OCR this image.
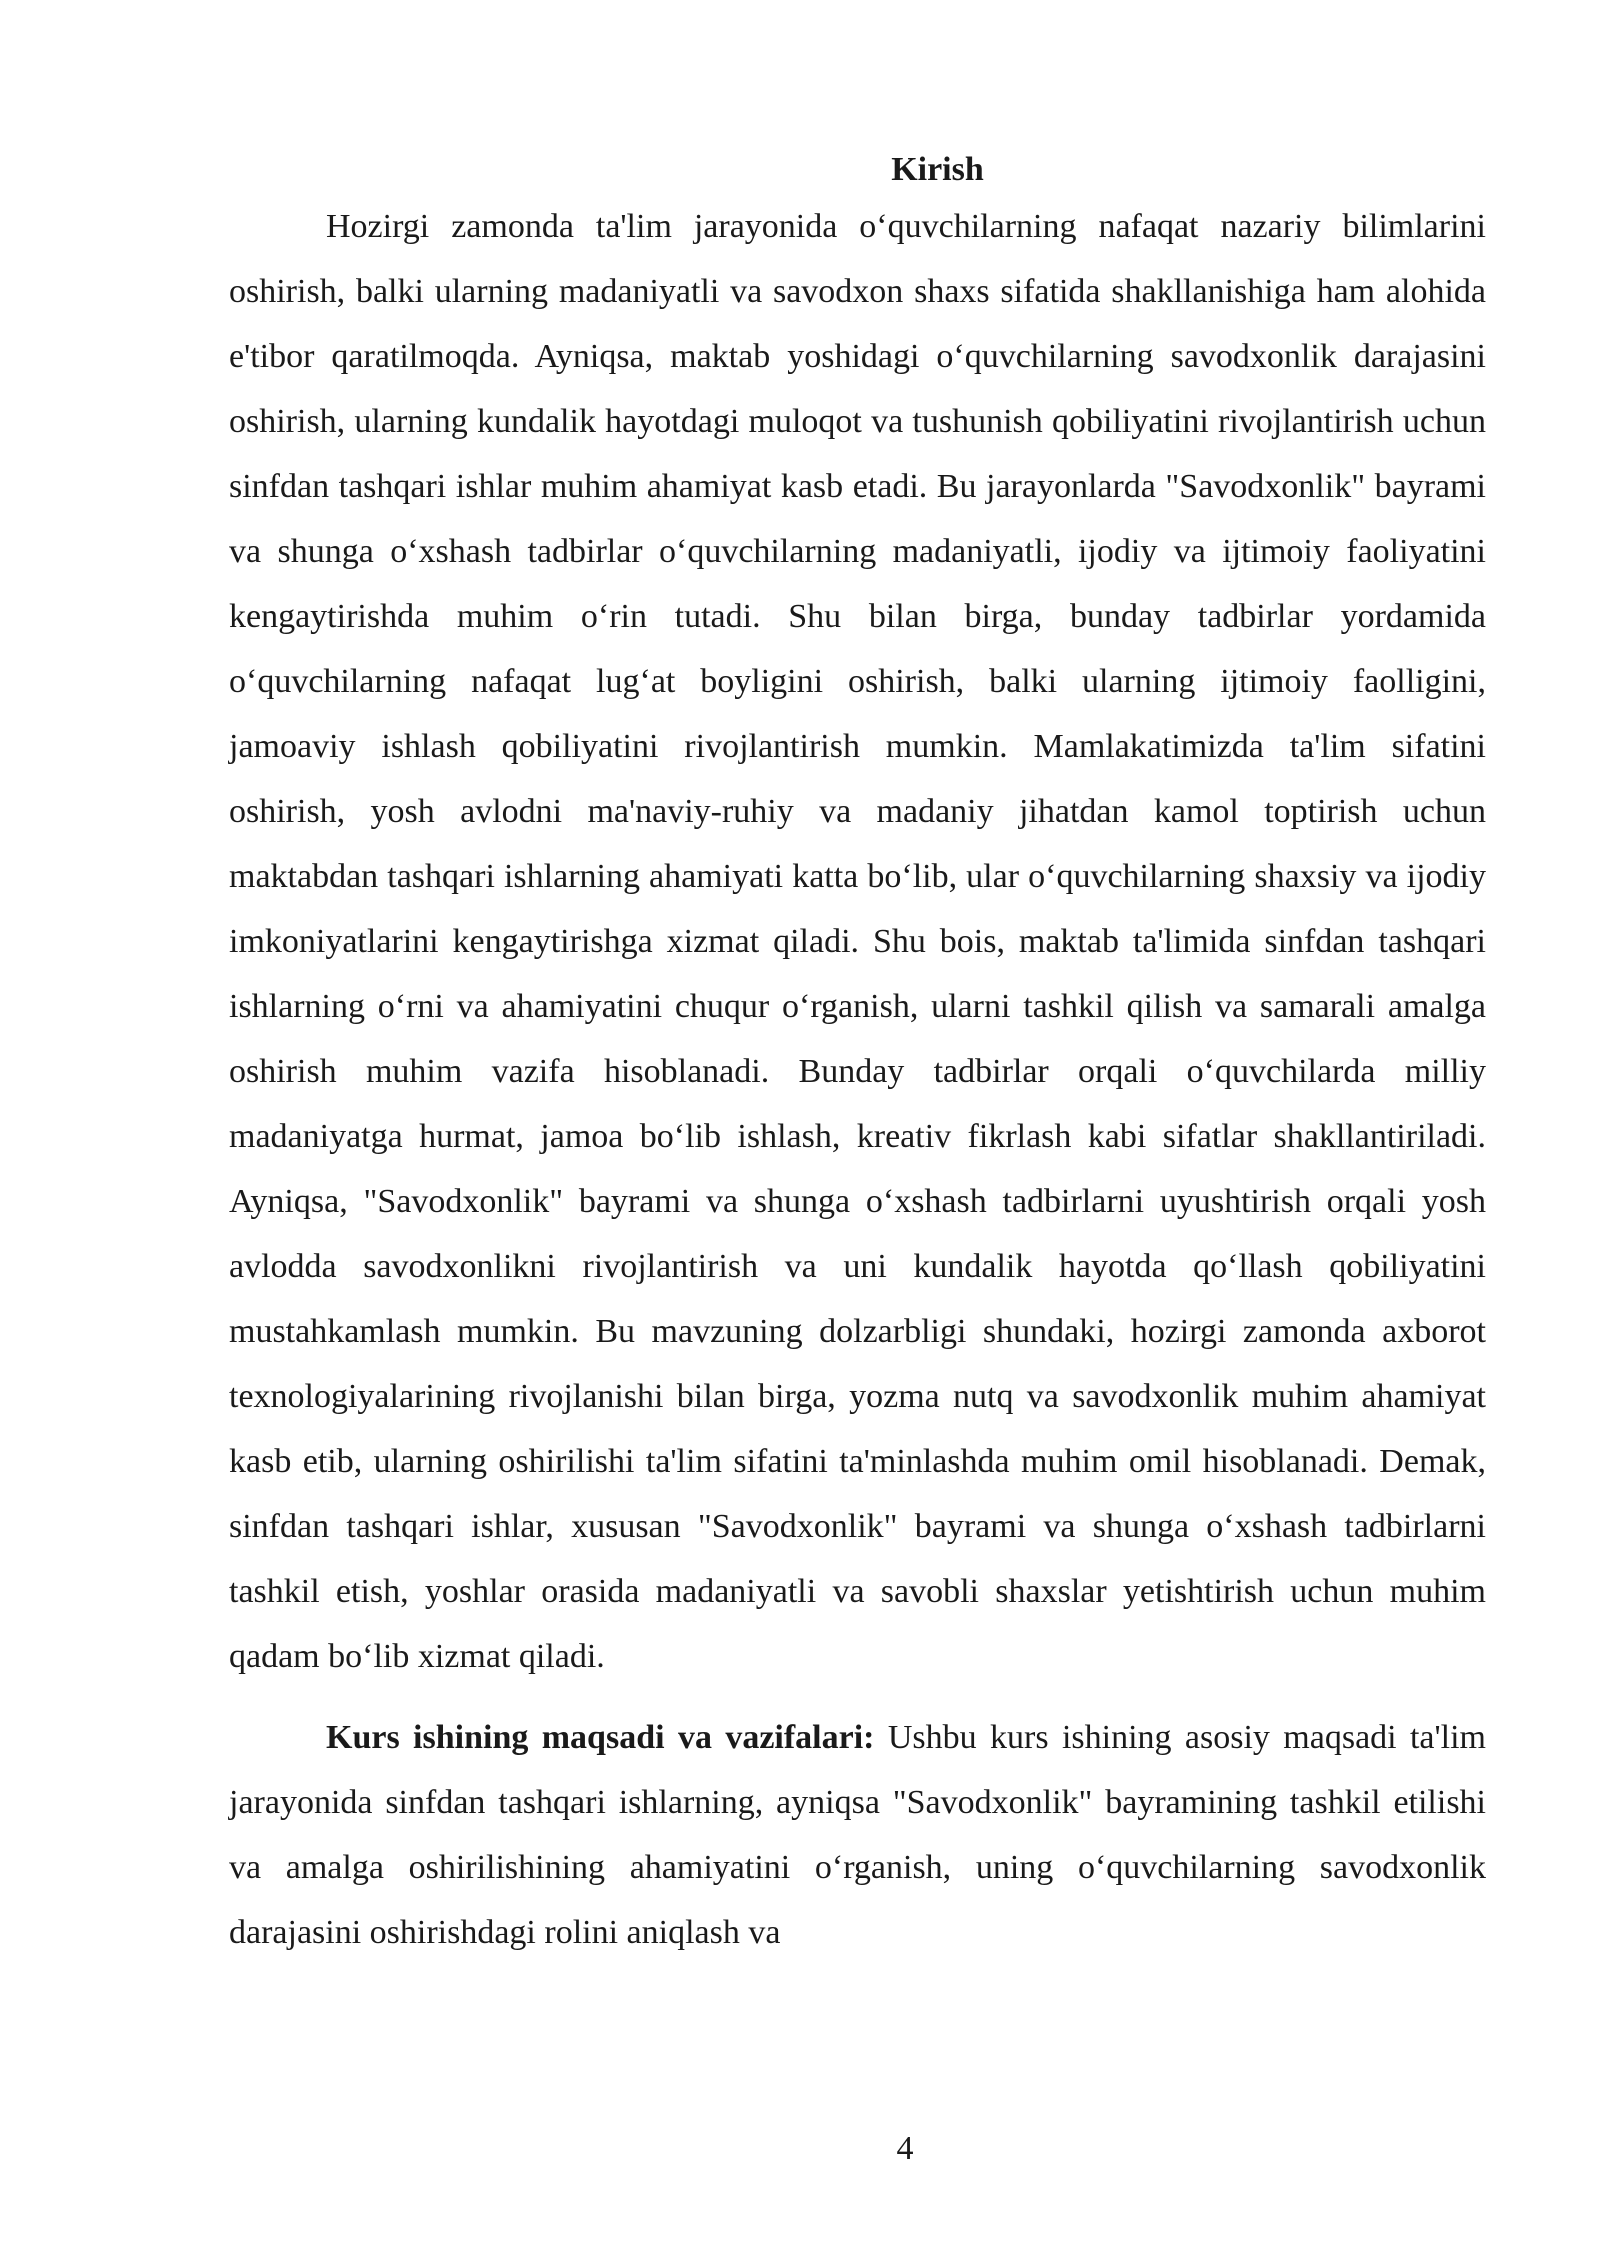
Kirish

Hozirgi zamonda ta'lim jarayonida o‘quvchilarning nafaqat nazariy bilimlarini oshirish, balki ularning madaniyatli va savodxon shaxs sifatida shakllanishiga ham alohida e'tibor qaratilmoqda. Ayniqsa, maktab yoshidagi o‘quvchilarning savodxonlik darajasini oshirish, ularning kundalik hayotdagi muloqot va tushunish qobiliyatini rivojlantirish uchun sinfdan tashqari ishlar muhim ahamiyat kasb etadi. Bu jarayonlarda "Savodxonlik" bayrami va shunga o‘xshash tadbirlar o‘quvchilarning madaniyatli, ijodiy va ijtimoiy faoliyatini kengaytirishda muhim o‘rin tutadi. Shu bilan birga, bunday tadbirlar yordamida o‘quvchilarning nafaqat lug‘at boyligini oshirish, balki ularning ijtimoiy faolligini, jamoaviy ishlash qobiliyatini rivojlantirish mumkin. Mamlakatimizda ta'lim sifatini oshirish, yosh avlodni ma'naviy-ruhiy va madaniy jihatdan kamol toptirish uchun maktabdan tashqari ishlarning ahamiyati katta bo‘lib, ular o‘quvchilarning shaxsiy va ijodiy imkoniyatlarini kengaytirishga xizmat qiladi. Shu bois, maktab ta'limida sinfdan tashqari ishlarning o‘rni va ahamiyatini chuqur o‘rganish, ularni tashkil qilish va samarali amalga oshirish muhim vazifa hisoblanadi. Bunday tadbirlar orqali o‘quvchilarda milliy madaniyatga hurmat, jamoa bo‘lib ishlash, kreativ fikrlash kabi sifatlar shakllantiriladi. Ayniqsa, "Savodxonlik" bayrami va shunga o‘xshash tadbirlarni uyushtirish orqali yosh avlodda savodxonlikni rivojlantirish va uni kundalik hayotda qo‘llash qobiliyatini mustahkamlash mumkin. Bu mavzuning dolzarbligi shundaki, hozirgi zamonda axborot texnologiyalarining rivojlanishi bilan birga, yozma nutq va savodxonlik muhim ahamiyat kasb etib, ularning oshirilishi ta'lim sifatini ta'minlashda muhim omil hisoblanadi. Demak, sinfdan tashqari ishlar, xususan "Savodxonlik" bayrami va shunga o‘xshash tadbirlarni tashkil etish, yoshlar orasida madaniyatli va savobli shaxslar yetishtirish uchun muhim qadam bo‘lib xizmat qiladi.

Kurs ishining maqsadi va vazifalari: Ushbu kurs ishining asosiy maqsadi ta'lim jarayonida sinfdan tashqari ishlarning, ayniqsa "Savodxonlik" bayramining tashkil etilishi va amalga oshirilishining ahamiyatini o‘rganish, uning o‘quvchilarning savodxonlik darajasini oshirishdagi rolini aniqlash va

4
